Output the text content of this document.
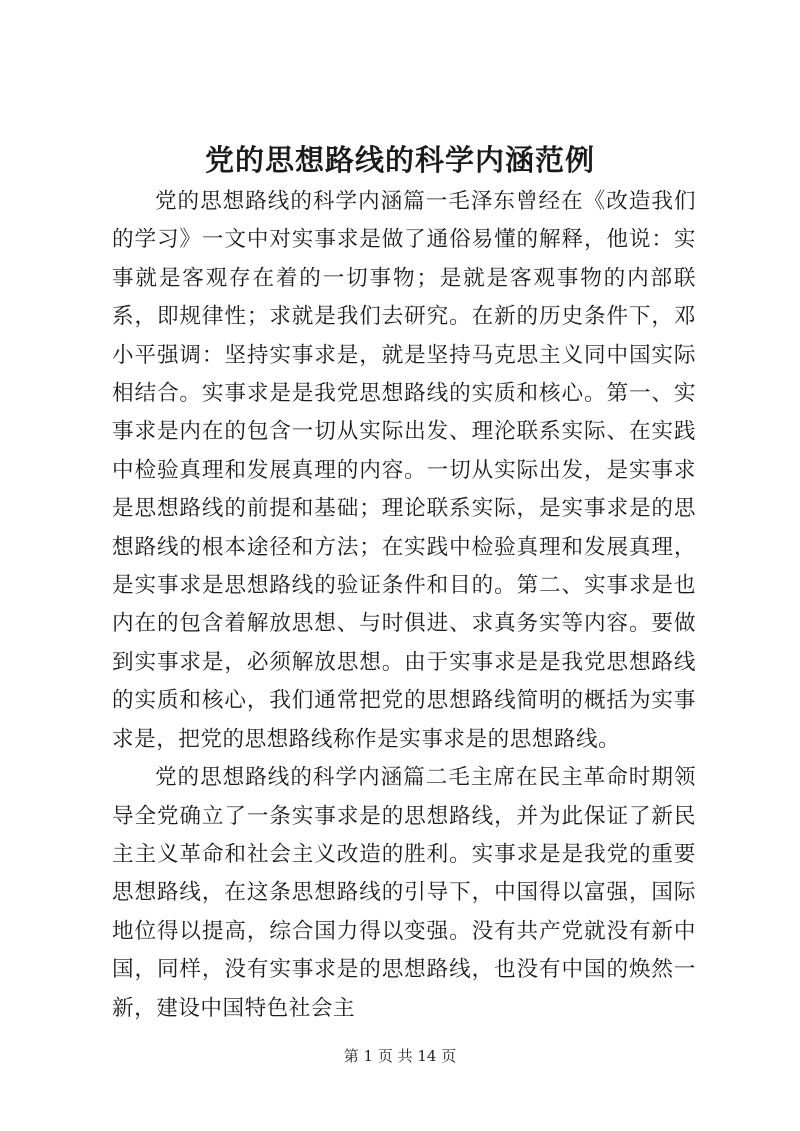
党的思想路线的科学内涵范例

党的思想路线的科学内涵篇一毛泽东曾经在《改造我们的学习》一文中对实事求是做了通俗易懂的解释，他说：实事就是客观存在着的一切事物；是就是客观事物的内部联系，即规律性；求就是我们去研究。在新的历史条件下，邓小平强调：坚持实事求是，就是坚持马克思主义同中国实际相结合。实事求是是我党思想路线的实质和核心。第一、实事求是内在的包含一切从实际出发、理沦联系实际、在实践中检验真理和发展真理的内容。一切从实际出发，是实事求是思想路线的前提和基础；理论联系实际，是实事求是的思想路线的根本途径和方法；在实践中检验真理和发展真理，是实事求是思想路线的验证条件和目的。第二、实事求是也内在的包含着解放思想、与时俱进、求真务实等内容。要做到实事求是，必须解放思想。由于实事求是是我党思想路线的实质和核心，我们通常把党的思想路线简明的概括为实事求是，把党的思想路线称作是实事求是的思想路线。

党的思想路线的科学内涵篇二毛主席在民主革命时期领导全党确立了一条实事求是的思想路线，并为此保证了新民主主义革命和社会主义改造的胜利。实事求是是我党的重要思想路线，在这条思想路线的引导下，中国得以富强，国际地位得以提高，综合国力得以变强。没有共产党就没有新中国，同样，没有实事求是的思想路线，也没有中国的焕然一新，建设中国特色社会主

第 1 页 共 14 页
